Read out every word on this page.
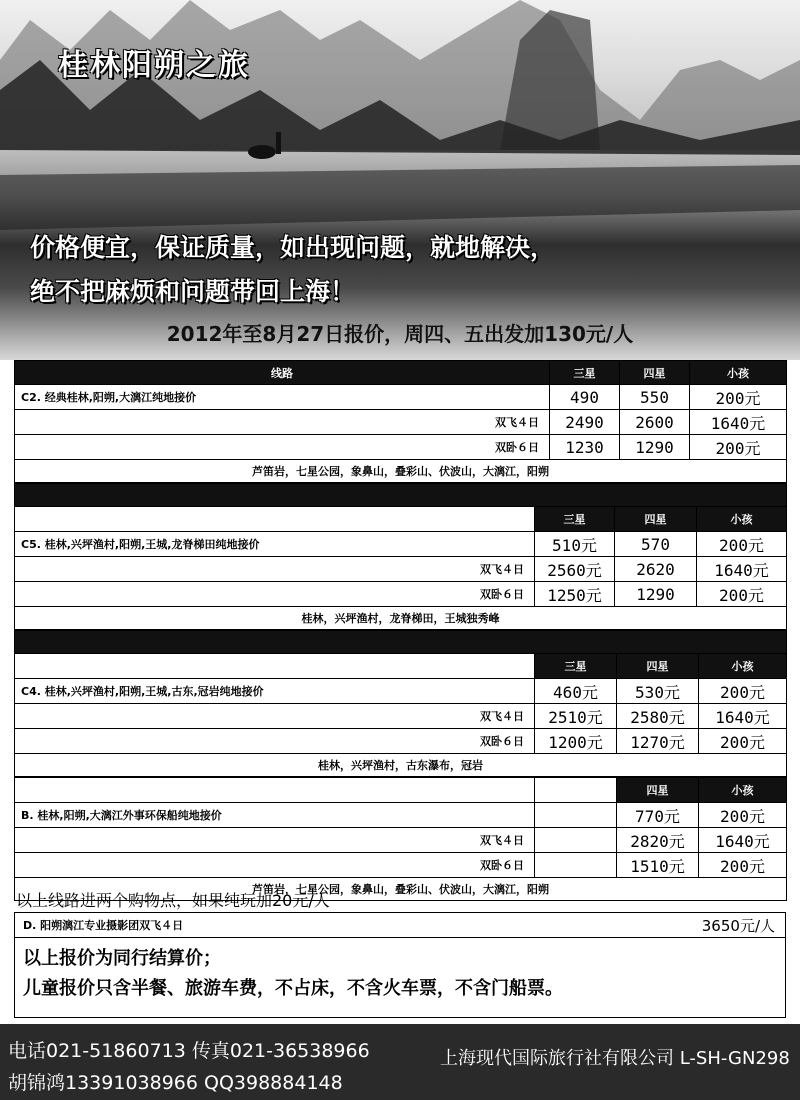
桂林阳朔之旅
价格便宜，保证质量，如出现问题，就地解决，
绝不把麻烦和问题带回上海！
2012年至8月27日报价，周四、五出发加130元/人
线路	三星	四星	小孩
C2. 经典桂林,阳朔,大漓江纯地接价	490	550	200元
双飞４日	2490	2600	1640元
双卧６日	1230	1290	200元
芦笛岩，七星公园，象鼻山，叠彩山、伏波山，大漓江，阳朔			

	三星	四星	小孩
C5. 桂林,兴坪渔村,阳朔,王城,龙脊梯田纯地接价	510元	570	200元
双飞４日	2560元	2620	1640元
双卧６日	1250元	1290	200元
桂林，兴坪渔村，龙脊梯田，王城独秀峰			

	三星	四星	小孩
C4. 桂林,兴坪渔村,阳朔,王城,古东,冠岩纯地接价	460元	530元	200元
双飞４日	2510元	2580元	1640元
双卧６日	1200元	1270元	200元
桂林，兴坪渔村，古东瀑布，冠岩			
		四星	小孩
B. 桂林,阳朔,大漓江外事环保船纯地接价		770元	200元
双飞４日		2820元	1640元
双卧６日		1510元	200元
芦笛岩，七星公园，象鼻山，叠彩山、伏波山，大漓江，阳朔			
以上线路进两个购物点，如果纯玩加20元/人
D. 阳朔漓江专业摄影团双飞４日	3650元/人
以上报价为同行结算价；
儿童报价只含半餐、旅游车费，不占床，不含火车票，不含门船票。
电话021-51860713 传真021-36538966
胡锦鸿13391038966 QQ398884148
上海现代国际旅行社有限公司 L-SH-GN298
